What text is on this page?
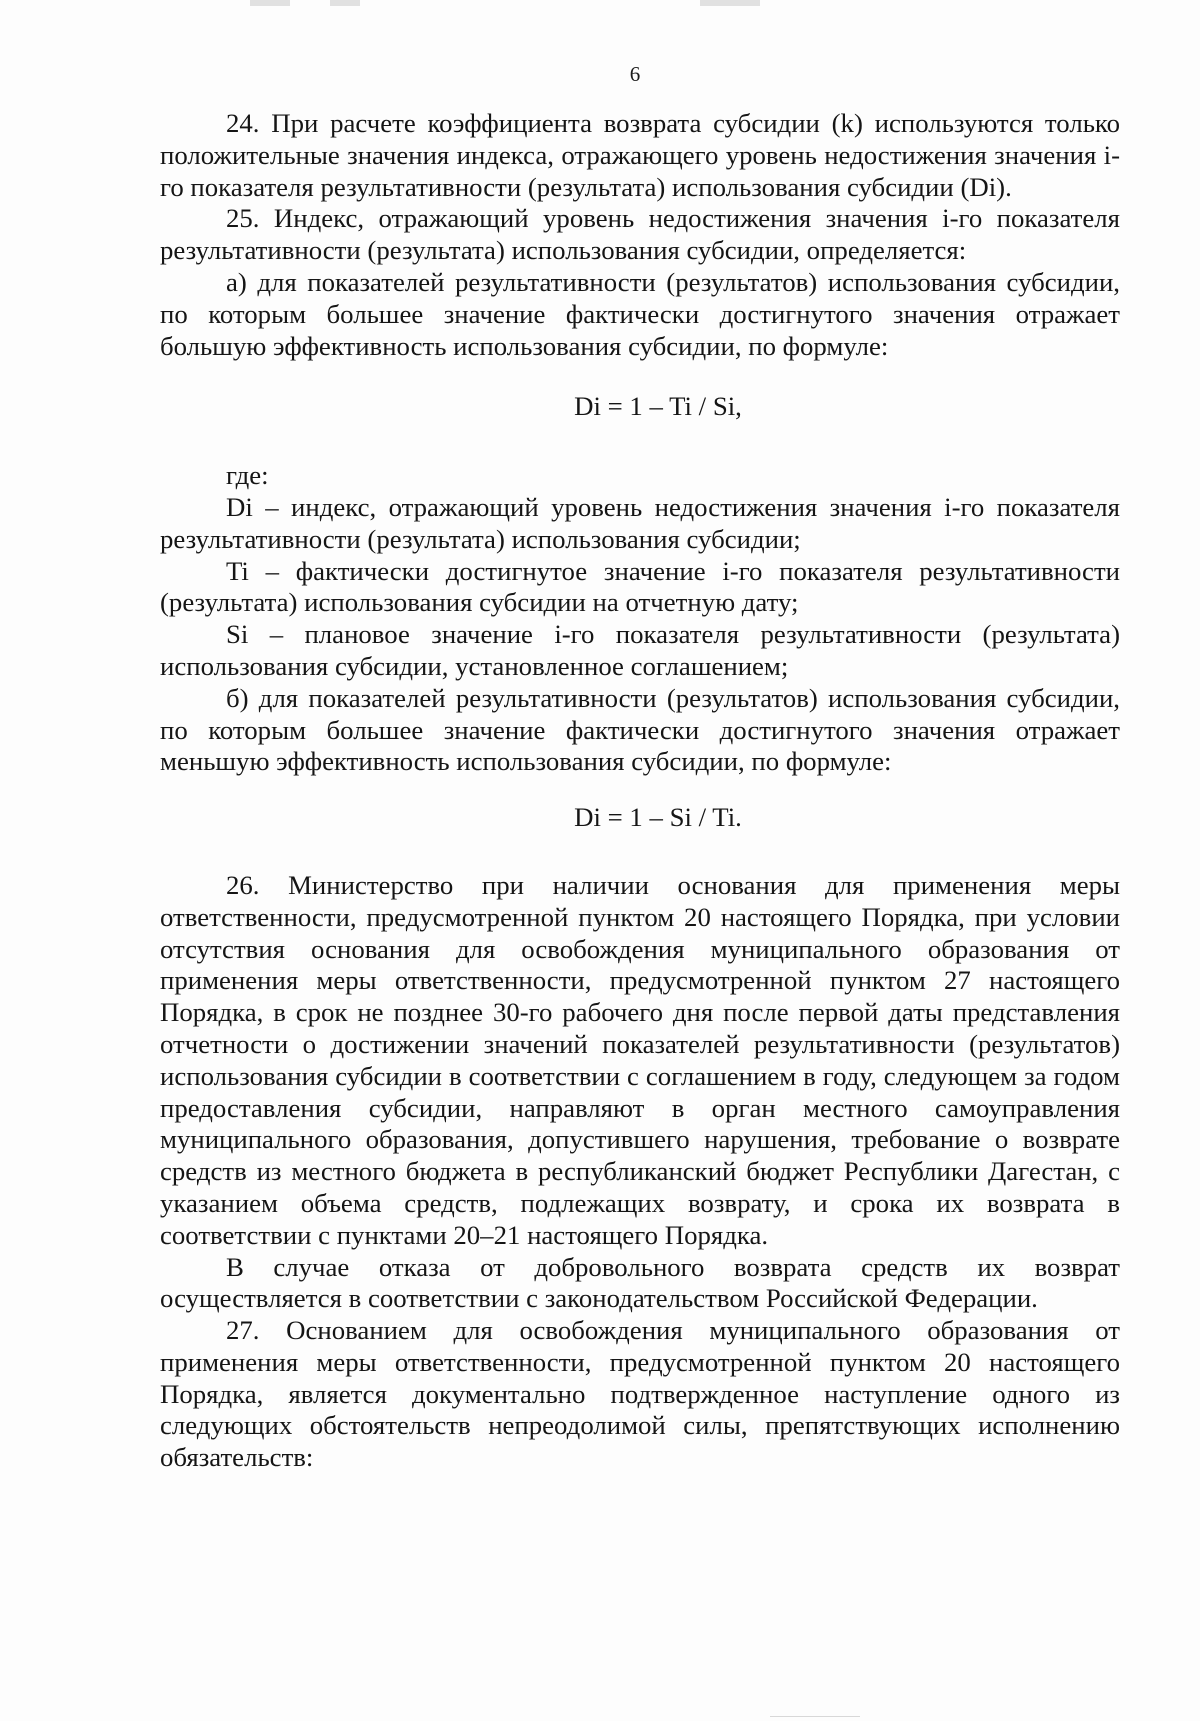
6

24. При расчете коэффициента возврата субсидии (k) используются только положительные значения индекса, отражающего уровень недостижения значения i-го показателя результативности (результата) использования субсидии (Di).

25. Индекс, отражающий уровень недостижения значения i-го показателя результативности (результата) использования субсидии, определяется:

а) для показателей результативности (результатов) использования субсидии, по которым большее значение фактически достигнутого значения отражает большую эффективность использования субсидии, по формуле:

Di = 1 – Ti / Si,

где:

Di – индекс, отражающий уровень недостижения значения i-го показателя результативности (результата) использования субсидии;

Ti – фактически достигнутое значение i-го показателя результативности (результата) использования субсидии на отчетную дату;

Si – плановое значение i-го показателя результативности (результата) использования субсидии, установленное соглашением;

б) для показателей результативности (результатов) использования субсидии, по которым большее значение фактически достигнутого значения отражает меньшую эффективность использования субсидии, по формуле:

Di = 1 – Si / Ti.

26. Министерство при наличии основания для применения меры ответственности, предусмотренной пунктом 20 настоящего Порядка, при условии отсутствия основания для освобождения муниципального образования от применения меры ответственности, предусмотренной пунктом 27 настоящего Порядка, в срок не позднее 30-го рабочего дня после первой даты представления отчетности о достижении значений показателей результативности (результатов) использования субсидии в соответствии с соглашением в году, следующем за годом предоставления субсидии, направляют в орган местного самоуправления муниципального образования, допустившего нарушения, требование о возврате средств из местного бюджета в республиканский бюджет Республики Дагестан, с указанием объема средств, подлежащих возврату, и срока их возврата в соответствии с пунктами 20–21 настоящего Порядка.

В случае отказа от добровольного возврата средств их возврат осуществляется в соответствии с законодательством Российской Федерации.

27. Основанием для освобождения муниципального образования от применения меры ответственности, предусмотренной пунктом 20 настоящего Порядка, является документально подтвержденное наступление одного из следующих обстоятельств непреодолимой силы, препятствующих исполнению обязательств:
